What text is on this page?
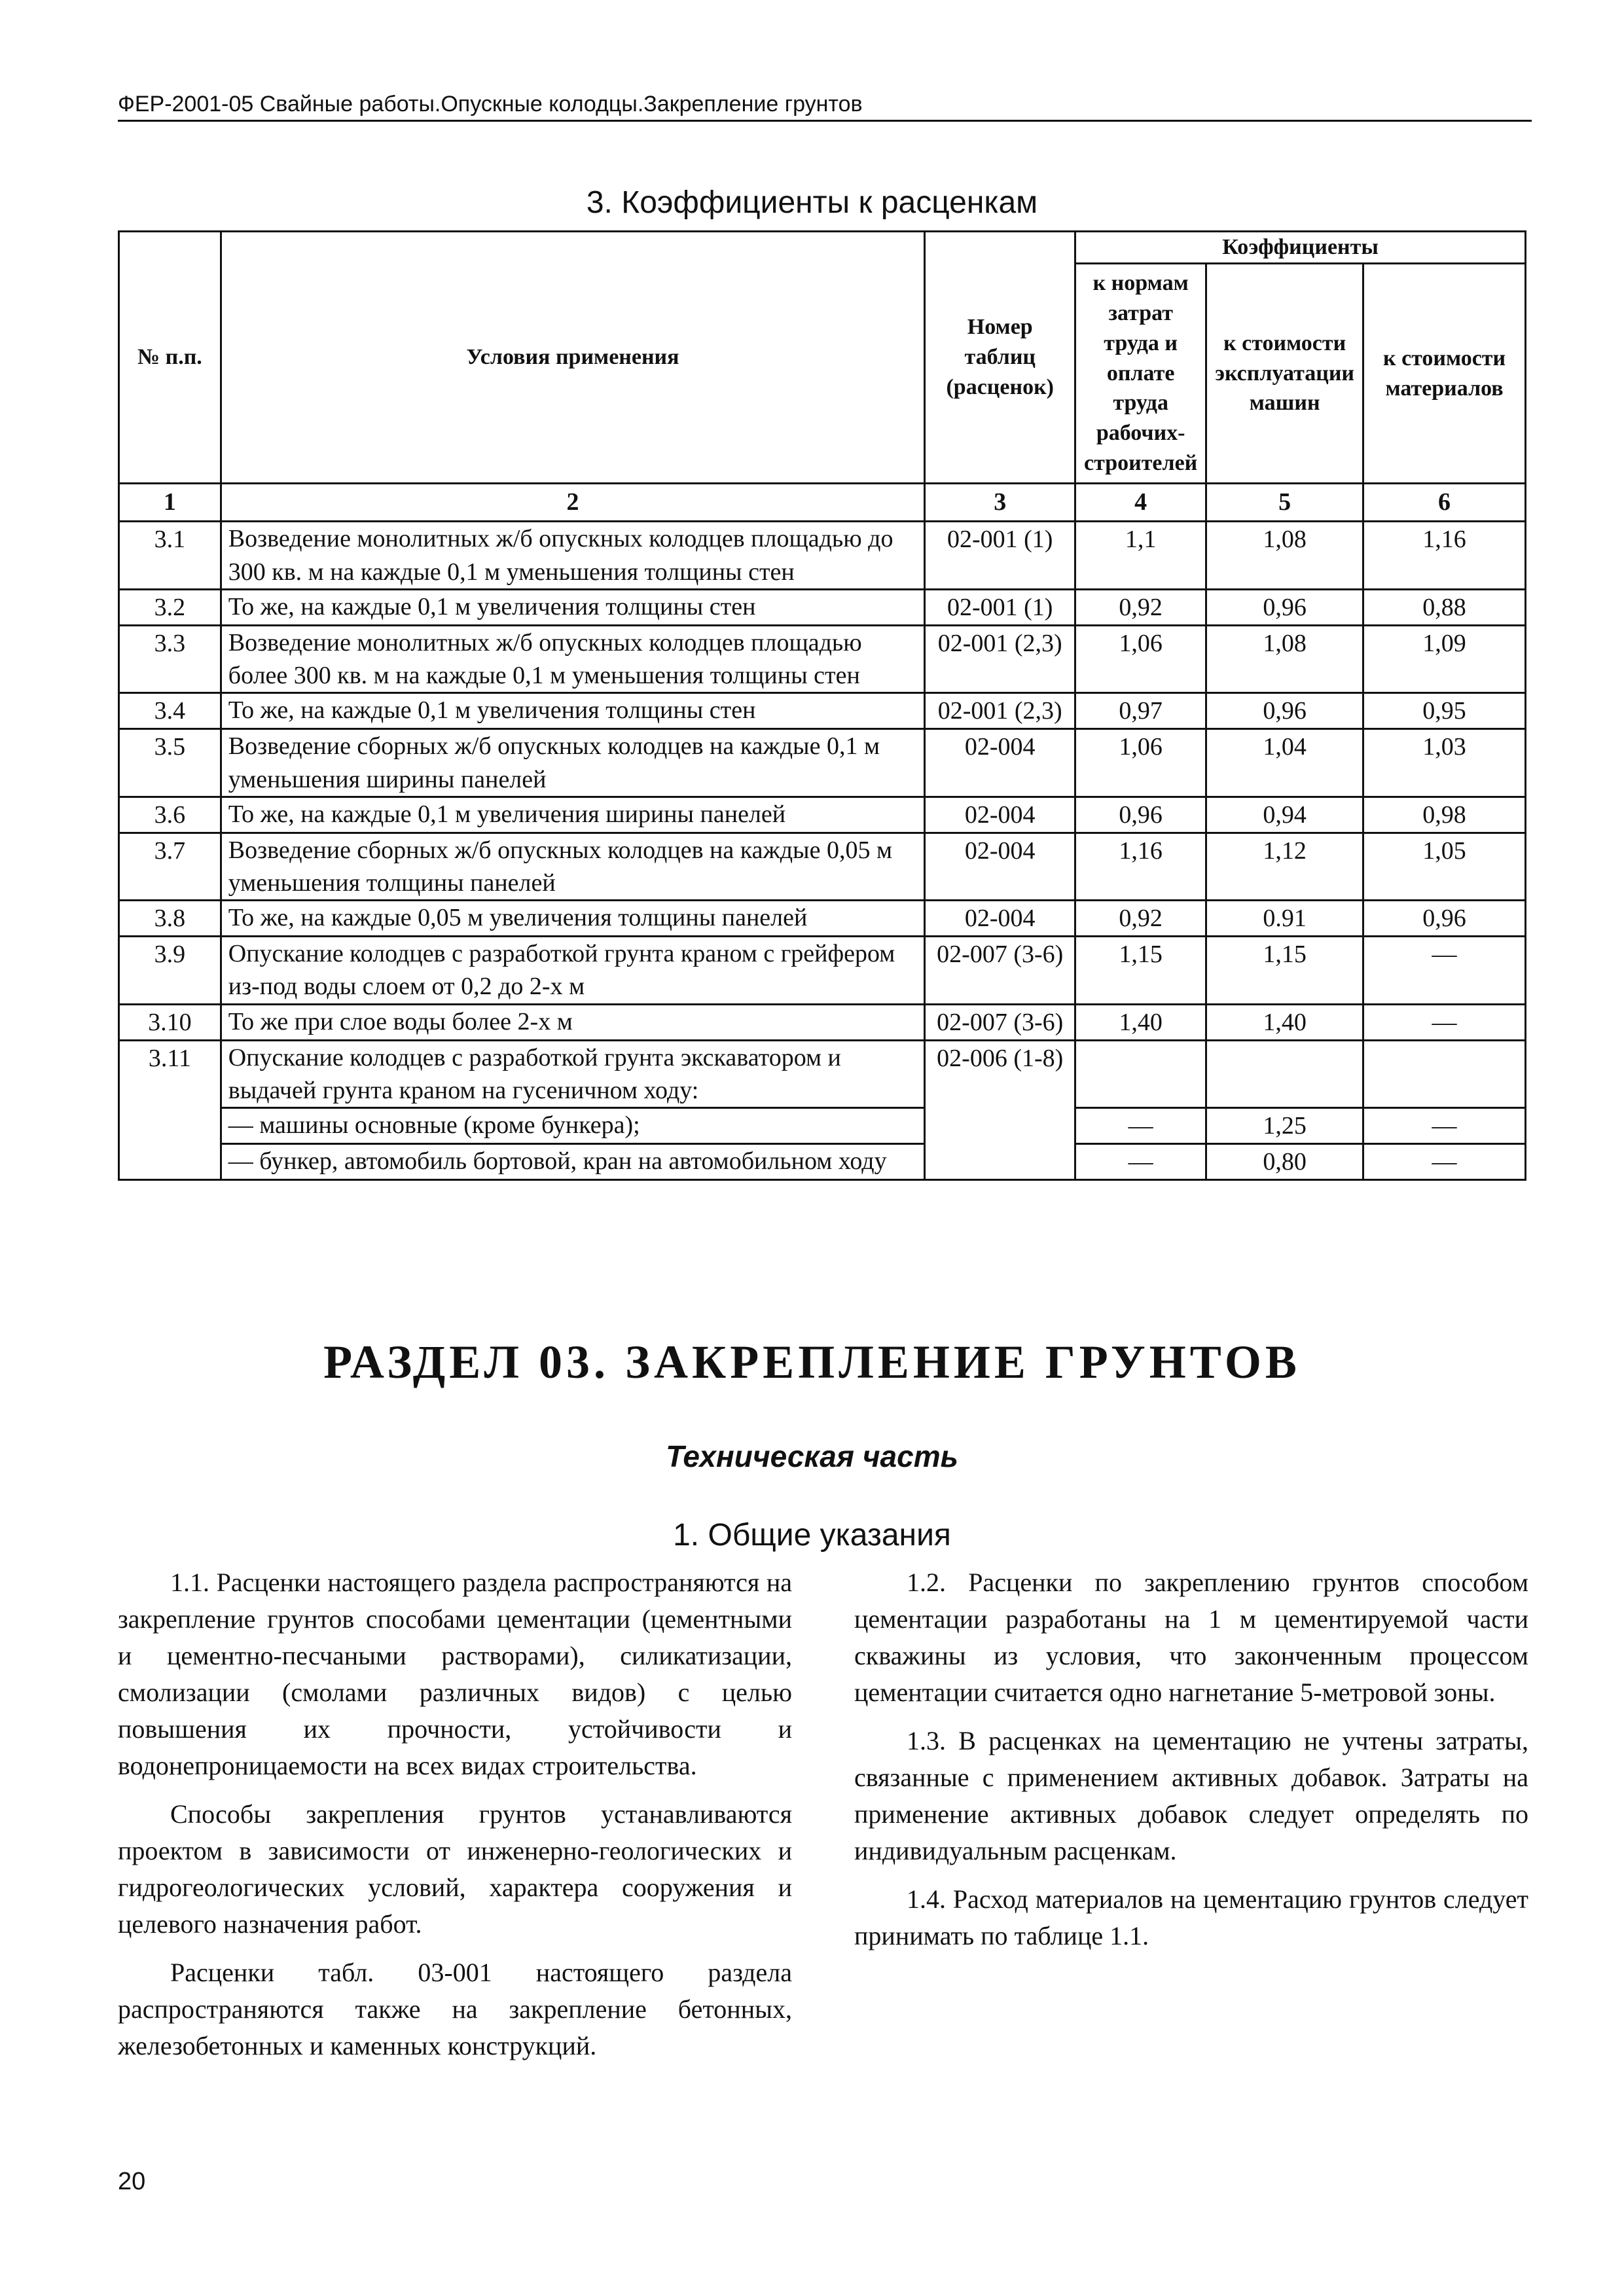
ФЕР-2001-05 Свайные работы.Опускные колодцы.Закрепление грунтов
3. Коэффициенты к расценкам
№ п.п.	Условия применения	Номер таблиц (расценок)	Коэффициенты		
			к нормам затрат труда и оплате труда рабочих-строителей	к стоимости эксплуатации машин	к стоимости материалов
1	2	3	4	5	6
3.1	Возведение монолитных ж/б опускных колодцев площадью до 300 кв. м на каждые 0,1 м уменьшения толщины стен	02-001 (1)	1,1	1,08	1,16
3.2	То же, на каждые 0,1 м увеличения толщины стен	02-001 (1)	0,92	0,96	0,88
3.3	Возведение монолитных ж/б опускных колодцев площадью более 300 кв. м на каждые 0,1 м уменьшения толщины стен	02-001 (2,3)	1,06	1,08	1,09
3.4	То же, на каждые 0,1 м увеличения толщины стен	02-001 (2,3)	0,97	0,96	0,95
3.5	Возведение сборных ж/б опускных колодцев на каждые 0,1 м уменьшения ширины панелей	02-004	1,06	1,04	1,03
3.6	То же, на каждые 0,1 м увеличения ширины панелей	02-004	0,96	0,94	0,98
3.7	Возведение сборных ж/б опускных колодцев на каждые 0,05 м уменьшения толщины панелей	02-004	1,16	1,12	1,05
3.8	То же, на каждые 0,05 м увеличения толщины панелей	02-004	0,92	0.91	0,96
3.9	Опускание колодцев с разработкой грунта краном с грейфером из-под воды слоем от 0,2 до 2-х м	02-007 (3-6)	1,15	1,15	—
3.10	То же при слое воды более 2-х м	02-007 (3-6)	1,40	1,40	—
3.11	Опускание колодцев с разработкой грунта экскаватором и выдачей грунта краном на гусеничном ходу:	02-006 (1-8)			
	— машины основные (кроме бункера);		—	1,25	—
	— бункер, автомобиль бортовой, кран на автомобильном ходу		—	0,80	—
РАЗДЕЛ 03. ЗАКРЕПЛЕНИЕ ГРУНТОВ
Техническая часть
1. Общие указания

1.1. Расценки настоящего раздела распространяются на закрепление грунтов способами цементации (цементными и цементно-песчаными растворами), силикатизации, смолизации (смолами различных видов) с целью повышения их прочности, устойчивости и водонепроницаемости на всех видах строительства.

Способы закрепления грунтов устанавливаются проектом в зависимости от инженерно-геологических и гидрогеологических условий, характера сооружения и целевого назначения работ.

Расценки табл. 03-001 настоящего раздела распространяются также на закрепление бетонных, железобетонных и каменных конструкций.

1.2. Расценки по закреплению грунтов способом цементации разработаны на 1 м цементируемой части скважины из условия, что законченным процессом цементации считается одно нагнетание 5-метровой зоны.

1.3. В расценках на цементацию не учтены затраты, связанные с применением активных добавок. Затраты на применение активных добавок следует определять по индивидуальным расценкам.

1.4. Расход материалов на цементацию грунтов следует принимать по таблице 1.1.

20
